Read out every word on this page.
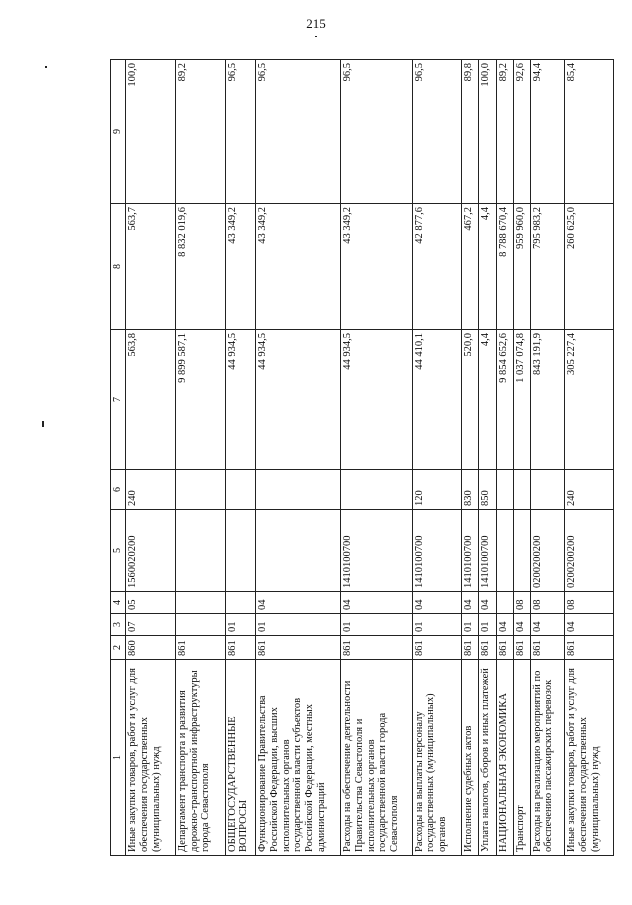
215
1	2	3	4	5	6	7	8	9
Иные закупки товаров, работ и услуг для обеспечения государственных (муниципальных) нужд	860	07	05	1560020200	240	563,8	563,7	100,0
Департамент транспорта и развития дорожно-транспортной инфраструктуры города Севастополя	861					9 899 587,1	8 832 019,6	89,2
ОБЩЕГОСУДАРСТВЕННЫЕ ВОПРОСЫ	861	01				44 934,5	43 349,2	96,5
Функционирование Правительства Российской Федерации, высших исполнительных органов государственной власти субъектов Российской Федерации, местных администраций	861	01	04			44 934,5	43 349,2	96,5
Расходы на обеспечение деятельности Правительства Севастополя и исполнительных органов государственной власти города Севастополя	861	01	04	1410100700		44 934,5	43 349,2	96,5
Расходы на выплаты персоналу государственных (муниципальных) органов	861	01	04	1410100700	120	44 410,1	42 877,6	96,5
Исполнение судебных актов	861	01	04	1410100700	830	520,0	467,2	89,8
Уплата налогов, сборов и иных платежей	861	01	04	1410100700	850	4,4	4,4	100,0
НАЦИОНАЛЬНАЯ ЭКОНОМИКА	861	04				9 854 652,6	8 788 670,4	89,2
Транспорт	861	04	08			1 037 074,8	959 960,0	92,6
Расходы на реализацию мероприятий по обеспечению пассажирских перевозок	861	04	08	0200200200		843 191,9	795 983,2	94,4
Иные закупки товаров, работ и услуг для обеспечения государственных (муниципальных) нужд	861	04	08	0200200200	240	305 227,4	260 625,0	85,4
